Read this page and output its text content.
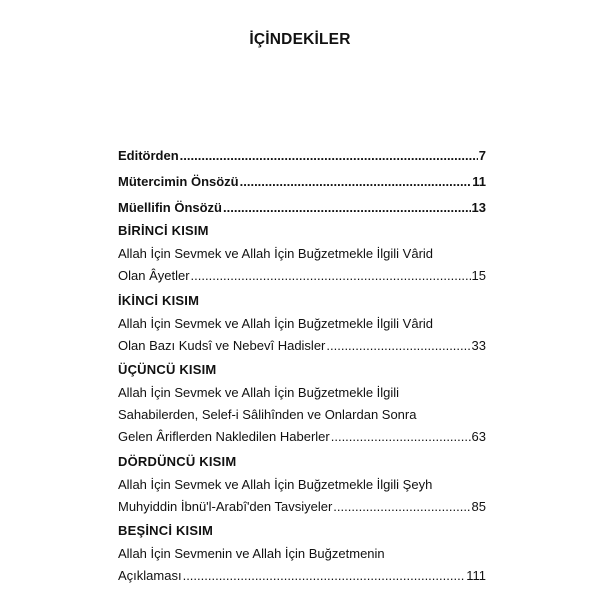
İÇİNDEKİLER
Editörden .....	7
Mütercimin Önsözü .....	11
Müellifin Önsözü .....	13
BİRİNCİ KISIM
Allah İçin Sevmek ve Allah İçin Buğzetmekle İlgili Vârid
Olan Âyetler .....	15
İKİNCİ KISIM
Allah İçin Sevmek ve Allah İçin Buğzetmekle İlgili Vârid
Olan Bazı Kudsî ve Nebevî Hadisler .....	33
ÜÇÜNCÜ KISIM
Allah İçin Sevmek ve Allah İçin Buğzetmekle İlgili
Sahabilerden, Selef-i Sâlihînden ve Onlardan Sonra
Gelen Âriflerden Nakledilen Haberler .....	63
DÖRDÜNCÜ KISIM
Allah İçin Sevmek ve Allah İçin Buğzetmekle İlgili Şeyh
Muhyiddin İbnü'l-Arabî'den Tavsiyeler .....	85
BEŞİNCİ KISIM
Allah İçin Sevmenin ve Allah İçin Buğzetmenin
Açıklaması .....	111
